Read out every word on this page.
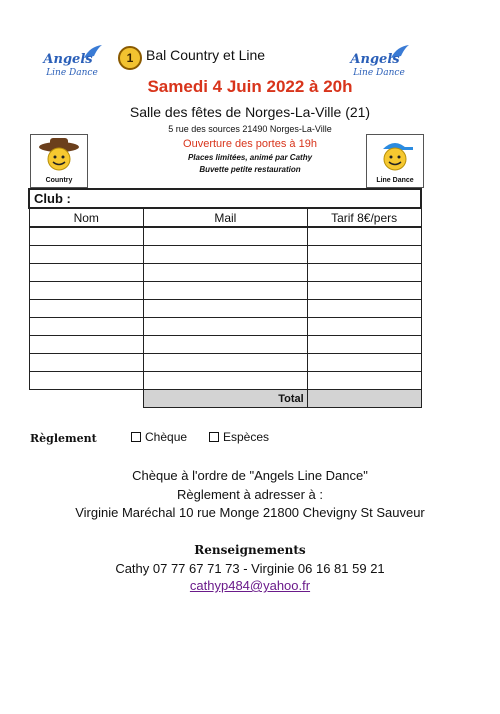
Angels
Line Dance
1 Bal Country et Line	Angels
Line Dance
Samedi 4 Juin 2022 à 20h
Salle des fêtes de Norges-La-Ville (21)
5 rue des sources 21490 Norges-La-Ville
Ouverture des portes à 19h
Places limitées, animé par Cathy
Buvette petite restauration
Country	Line Dance
Club :		
Nom	Mail	Tarif 8€/pers

	Total	
Règlement	Chèque	Espèces
Chèque à l'ordre de "Angels Line Dance"
Règlement à adresser à :
Virginie Maréchal 10 rue Monge 21800 Chevigny St Sauveur
Renseignements
Cathy 07 77 67 71 73 - Virginie 06 16 81 59 21
cathyp484@yahoo.fr
